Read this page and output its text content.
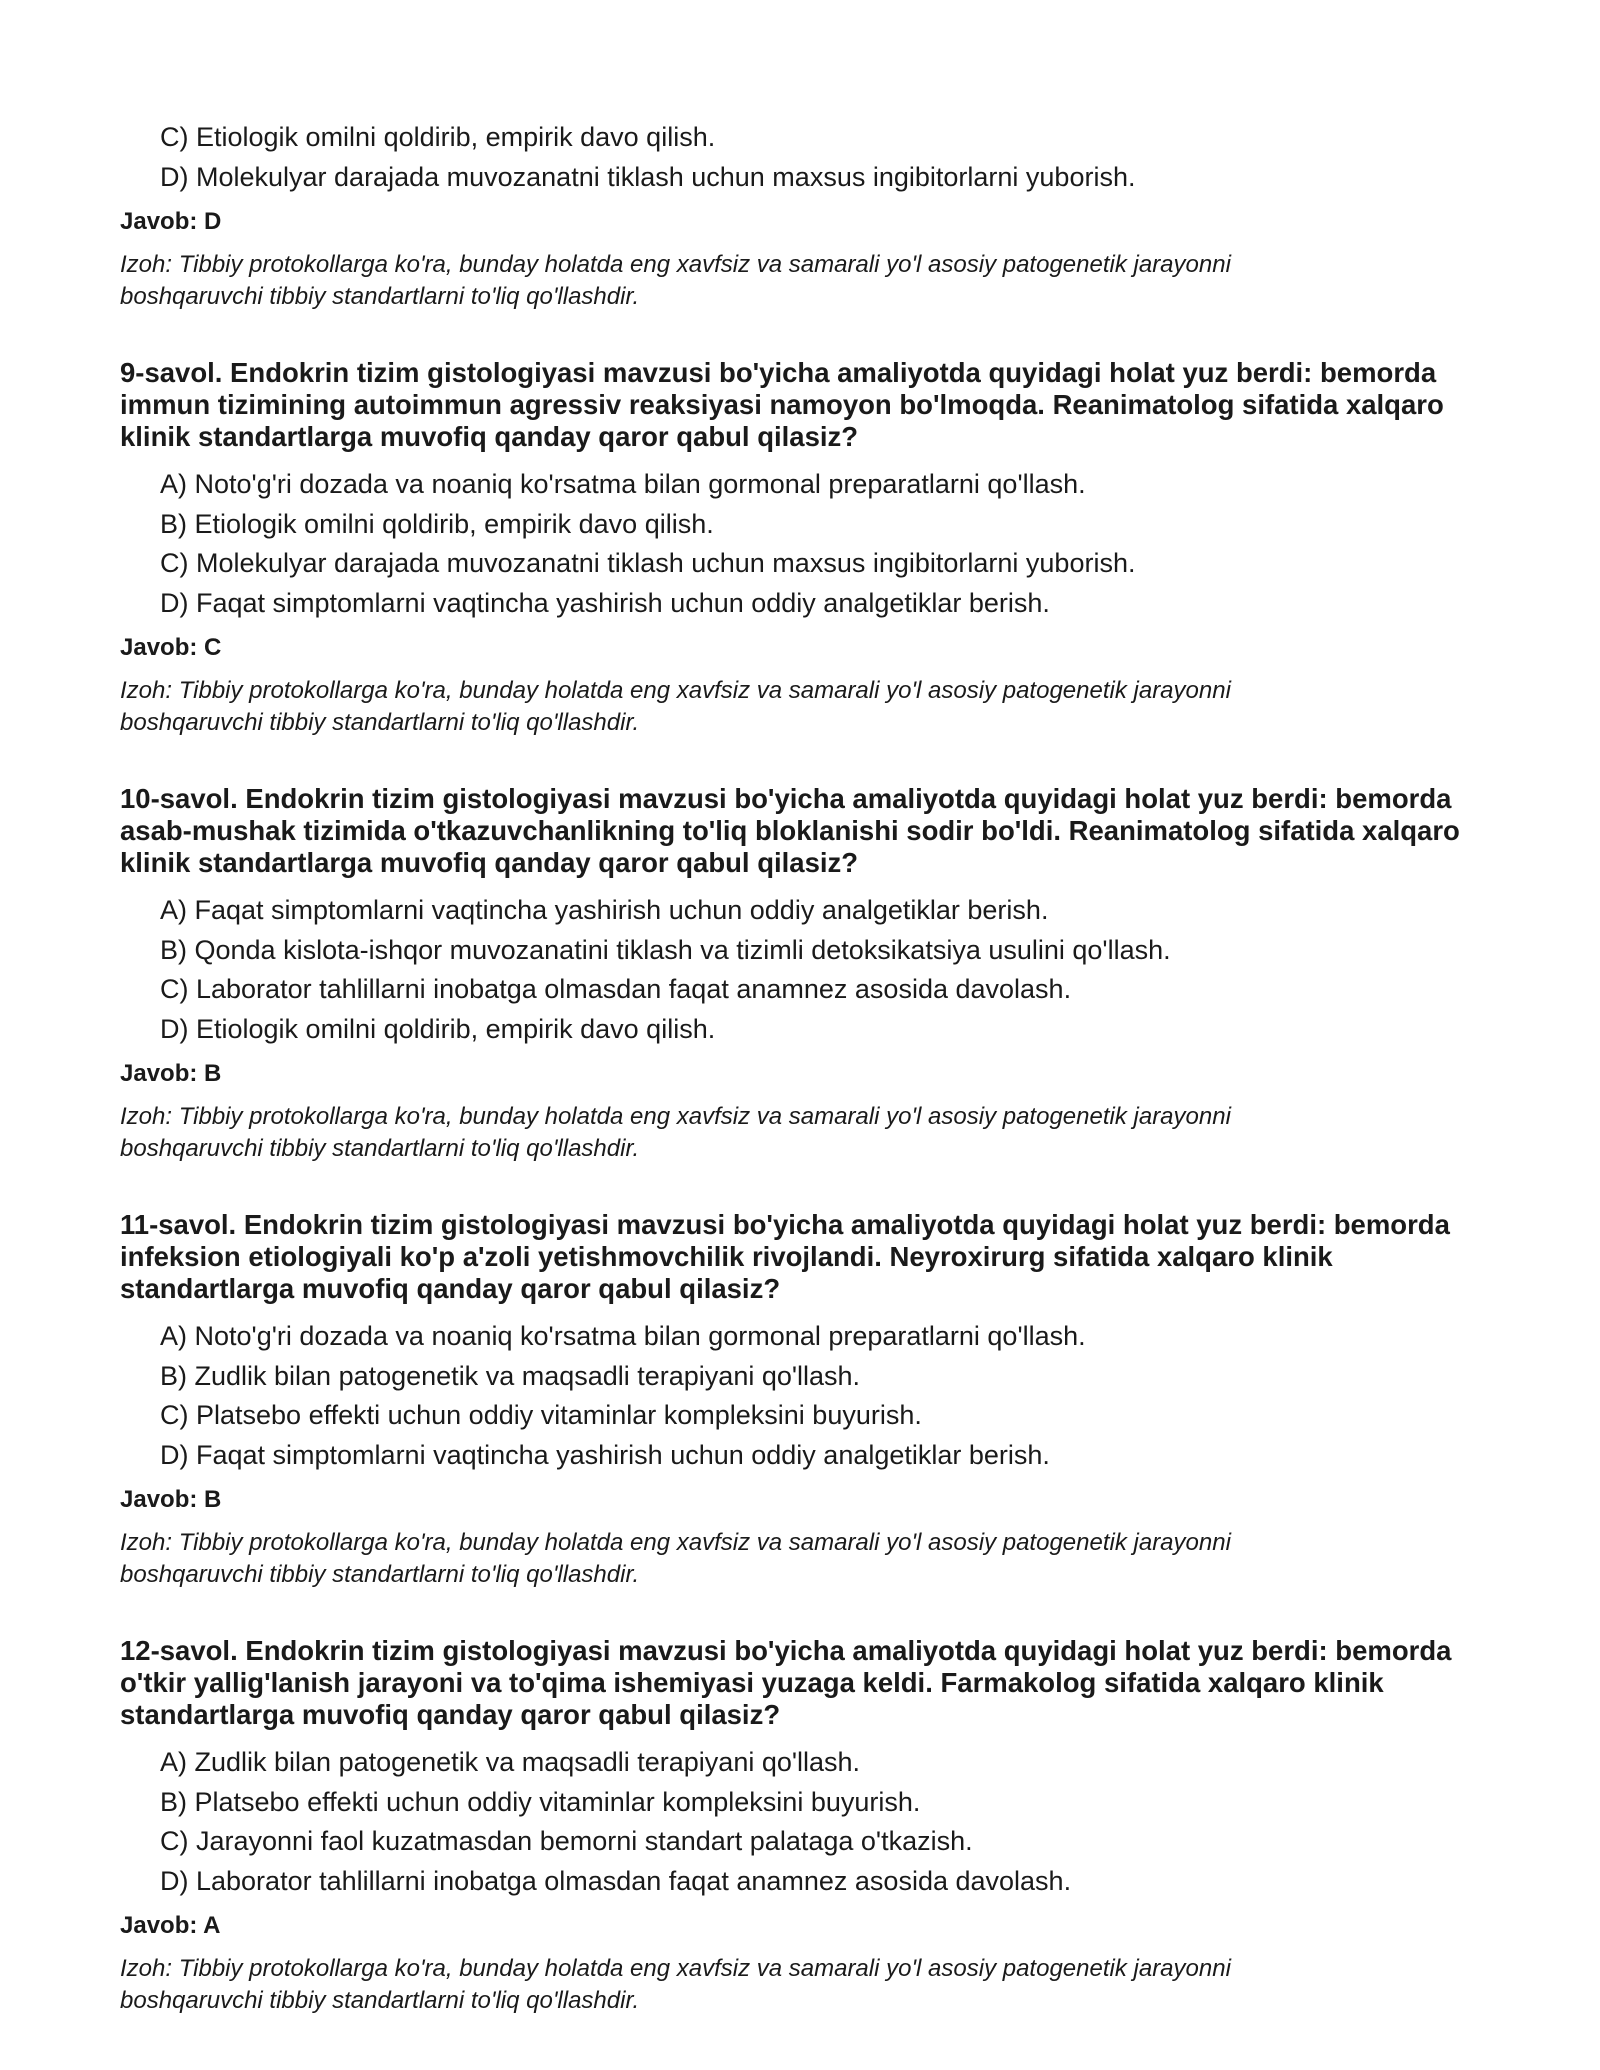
C) Etiologik omilni qoldirib, empirik davo qilish.
D) Molekulyar darajada muvozanatni tiklash uchun maxsus ingibitorlarni yuborish.
Javob: D
Izoh: Tibbiy protokollarga ko'ra, bunday holatda eng xavfsiz va samarali yo'l asosiy patogenetik jarayonni boshqaruvchi tibbiy standartlarni to'liq qo'llashdir.
9-savol. Endokrin tizim gistologiyasi mavzusi bo'yicha amaliyotda quyidagi holat yuz berdi: bemorda immun tizimining autoimmun agressiv reaksiyasi namoyon bo'lmoqda. Reanimatolog sifatida xalqaro klinik standartlarga muvofiq qanday qaror qabul qilasiz?
A) Noto'g'ri dozada va noaniq ko'rsatma bilan gormonal preparatlarni qo'llash.
B) Etiologik omilni qoldirib, empirik davo qilish.
C) Molekulyar darajada muvozanatni tiklash uchun maxsus ingibitorlarni yuborish.
D) Faqat simptomlarni vaqtincha yashirish uchun oddiy analgetiklar berish.
Javob: C
Izoh: Tibbiy protokollarga ko'ra, bunday holatda eng xavfsiz va samarali yo'l asosiy patogenetik jarayonni boshqaruvchi tibbiy standartlarni to'liq qo'llashdir.
10-savol. Endokrin tizim gistologiyasi mavzusi bo'yicha amaliyotda quyidagi holat yuz berdi: bemorda asab-mushak tizimida o'tkazuvchanlikning to'liq bloklanishi sodir bo'ldi. Reanimatolog sifatida xalqaro klinik standartlarga muvofiq qanday qaror qabul qilasiz?
A) Faqat simptomlarni vaqtincha yashirish uchun oddiy analgetiklar berish.
B) Qonda kislota-ishqor muvozanatini tiklash va tizimli detoksikatsiya usulini qo'llash.
C) Laborator tahlillarni inobatga olmasdan faqat anamnez asosida davolash.
D) Etiologik omilni qoldirib, empirik davo qilish.
Javob: B
Izoh: Tibbiy protokollarga ko'ra, bunday holatda eng xavfsiz va samarali yo'l asosiy patogenetik jarayonni boshqaruvchi tibbiy standartlarni to'liq qo'llashdir.
11-savol. Endokrin tizim gistologiyasi mavzusi bo'yicha amaliyotda quyidagi holat yuz berdi: bemorda infeksion etiologiyali ko'p a'zoli yetishmovchilik rivojlandi. Neyroxirurg sifatida xalqaro klinik standartlarga muvofiq qanday qaror qabul qilasiz?
A) Noto'g'ri dozada va noaniq ko'rsatma bilan gormonal preparatlarni qo'llash.
B) Zudlik bilan patogenetik va maqsadli terapiyani qo'llash.
C) Platsebo effekti uchun oddiy vitaminlar kompleksini buyurish.
D) Faqat simptomlarni vaqtincha yashirish uchun oddiy analgetiklar berish.
Javob: B
Izoh: Tibbiy protokollarga ko'ra, bunday holatda eng xavfsiz va samarali yo'l asosiy patogenetik jarayonni boshqaruvchi tibbiy standartlarni to'liq qo'llashdir.
12-savol. Endokrin tizim gistologiyasi mavzusi bo'yicha amaliyotda quyidagi holat yuz berdi: bemorda o'tkir yallig'lanish jarayoni va to'qima ishemiyasi yuzaga keldi. Farmakolog sifatida xalqaro klinik standartlarga muvofiq qanday qaror qabul qilasiz?
A) Zudlik bilan patogenetik va maqsadli terapiyani qo'llash.
B) Platsebo effekti uchun oddiy vitaminlar kompleksini buyurish.
C) Jarayonni faol kuzatmasdan bemorni standart palataga o'tkazish.
D) Laborator tahlillarni inobatga olmasdan faqat anamnez asosida davolash.
Javob: A
Izoh: Tibbiy protokollarga ko'ra, bunday holatda eng xavfsiz va samarali yo'l asosiy patogenetik jarayonni boshqaruvchi tibbiy standartlarni to'liq qo'llashdir.
